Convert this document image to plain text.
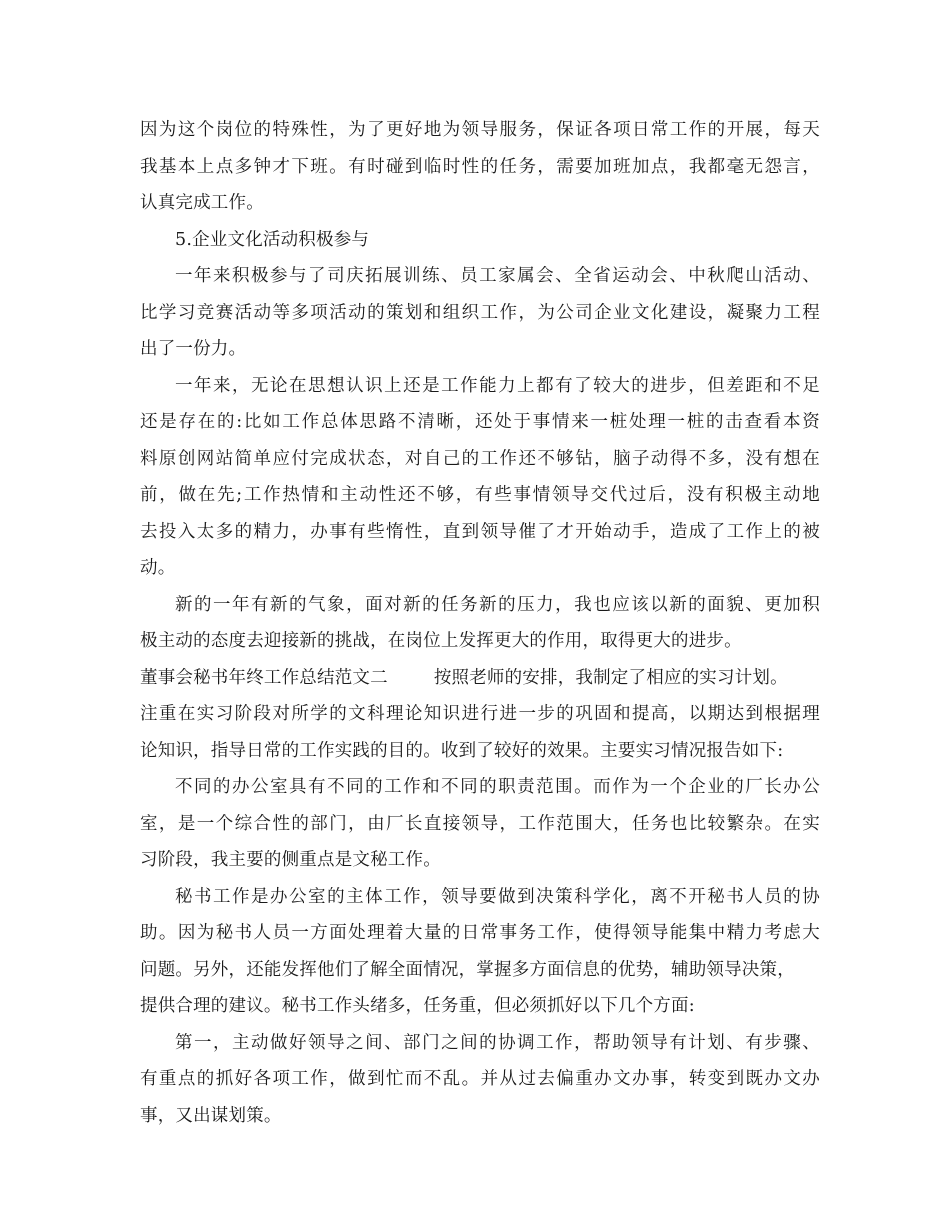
因为这个岗位的特殊性，为了更好地为领导服务，保证各项日常工作的开展，每天
我基本上点多钟才下班。有时碰到临时性的任务，需要加班加点，我都毫无怨言，
认真完成工作。
5.企业文化活动积极参与
一年来积极参与了司庆拓展训练、员工家属会、全省运动会、中秋爬山活动、
比学习竞赛活动等多项活动的策划和组织工作，为公司企业文化建设，凝聚力工程
出了一份力。
一年来，无论在思想认识上还是工作能力上都有了较大的进步，但差距和不足
还是存在的:比如工作总体思路不清晰，还处于事情来一桩处理一桩的击查看本资
料原创网站简单应付完成状态，对自己的工作还不够钻，脑子动得不多，没有想在
前，做在先;工作热情和主动性还不够，有些事情领导交代过后，没有积极主动地
去投入太多的精力，办事有些惰性，直到领导催了才开始动手，造成了工作上的被
动。
新的一年有新的气象，面对新的任务新的压力，我也应该以新的面貌、更加积
极主动的态度去迎接新的挑战，在岗位上发挥更大的作用，取得更大的进步。
董事会秘书年终工作总结范文二	按照老师的安排，我制定了相应的实习计划。
注重在实习阶段对所学的文科理论知识进行进一步的巩固和提高，以期达到根据理
论知识，指导日常的工作实践的目的。收到了较好的效果。主要实习情况报告如下:
不同的办公室具有不同的工作和不同的职责范围。而作为一个企业的厂长办公
室，是一个综合性的部门，由厂长直接领导，工作范围大，任务也比较繁杂。在实
习阶段，我主要的侧重点是文秘工作。
秘书工作是办公室的主体工作，领导要做到决策科学化，离不开秘书人员的协
助。因为秘书人员一方面处理着大量的日常事务工作，使得领导能集中精力考虑大
问题。另外，还能发挥他们了解全面情况，掌握多方面信息的优势，辅助领导决策，
提供合理的建议。秘书工作头绪多，任务重，但必须抓好以下几个方面:
第一，主动做好领导之间、部门之间的协调工作，帮助领导有计划、有步骤、
有重点的抓好各项工作，做到忙而不乱。并从过去偏重办文办事，转变到既办文办
事，又出谋划策。
